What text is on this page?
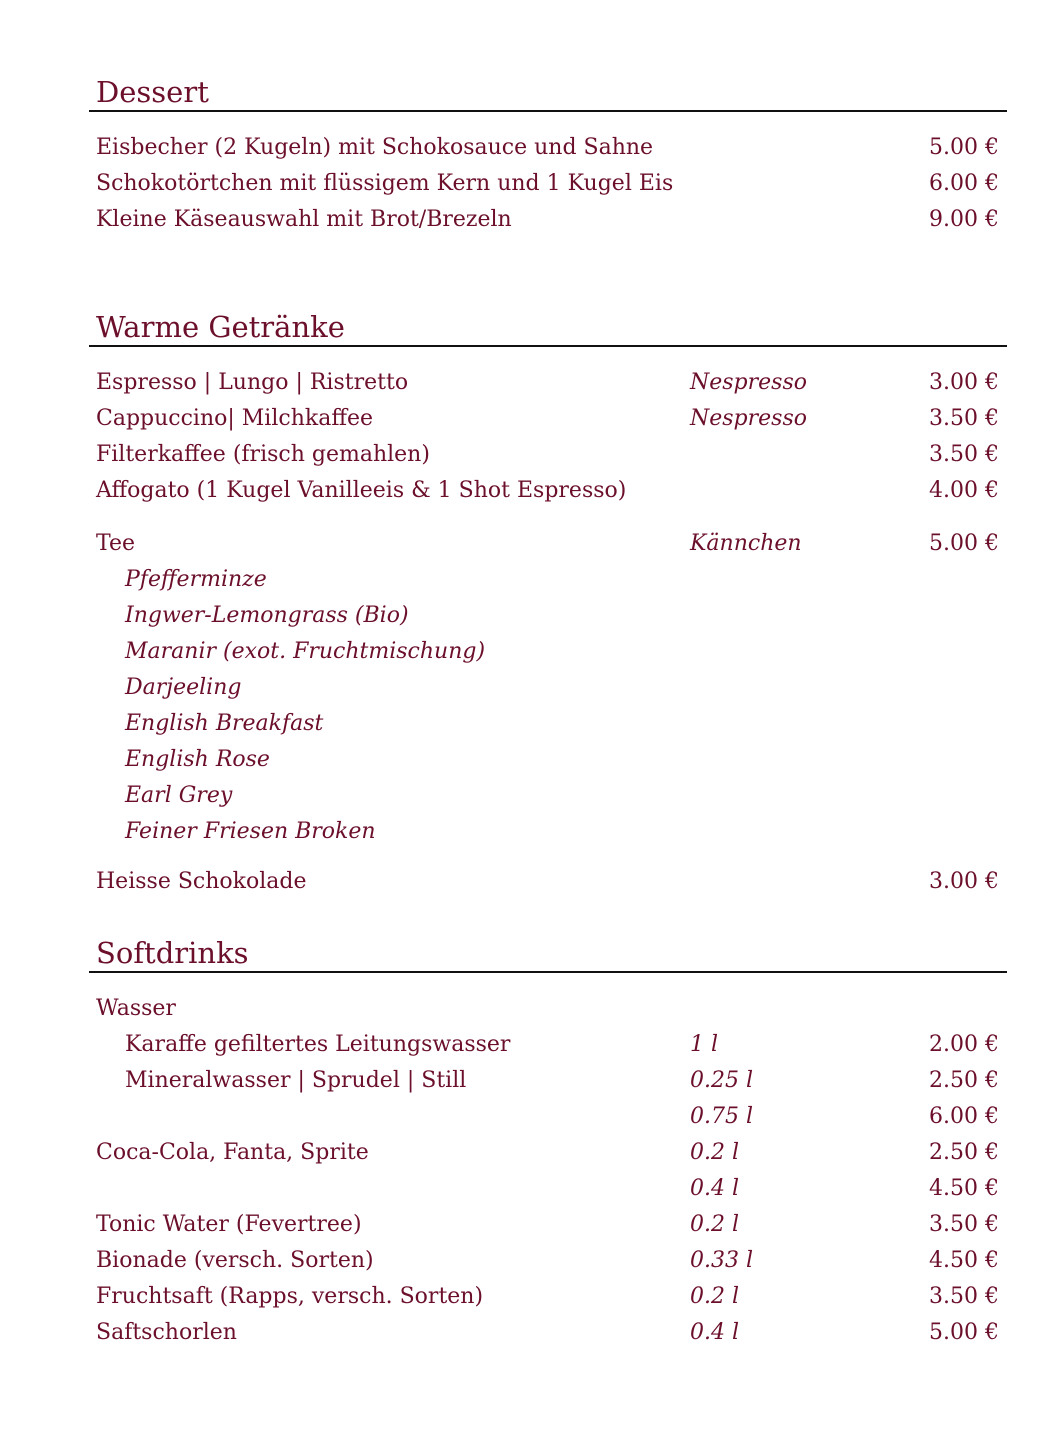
Dessert
Eisbecher (2 Kugeln) mit Schokosauce und Sahne	5.00 €
Schokotörtchen mit flüssigem Kern und 1 Kugel Eis	6.00 €
Kleine Käseauswahl mit Brot/Brezeln	9.00 €
Warme Getränke
Espresso | Lungo | Ristretto	Nespresso	3.00 €
Cappuccino| Milchkaffee	Nespresso	3.50 €
Filterkaffee (frisch gemahlen)	3.50 €
Affogato (1 Kugel Vanilleeis & 1 Shot Espresso)	4.00 €
Tee	Kännchen	5.00 €
Pfefferminze
Ingwer-Lemongrass (Bio)
Maranir (exot. Fruchtmischung)
Darjeeling
English Breakfast
English Rose
Earl Grey
Feiner Friesen Broken
Heisse Schokolade	3.00 €
Softdrinks
Wasser
Karaffe gefiltertes Leitungswasser	1 l	2.00 €
Mineralwasser | Sprudel | Still	0.25 l	2.50 €
0.75 l	6.00 €
Coca-Cola, Fanta, Sprite	0.2 l	2.50 €
0.4 l	4.50 €
Tonic Water (Fevertree)	0.2 l	3.50 €
Bionade (versch. Sorten)	0.33 l	4.50 €
Fruchtsaft (Rapps, versch. Sorten)	0.2 l	3.50 €
Saftschorlen	0.4 l	5.00 €
